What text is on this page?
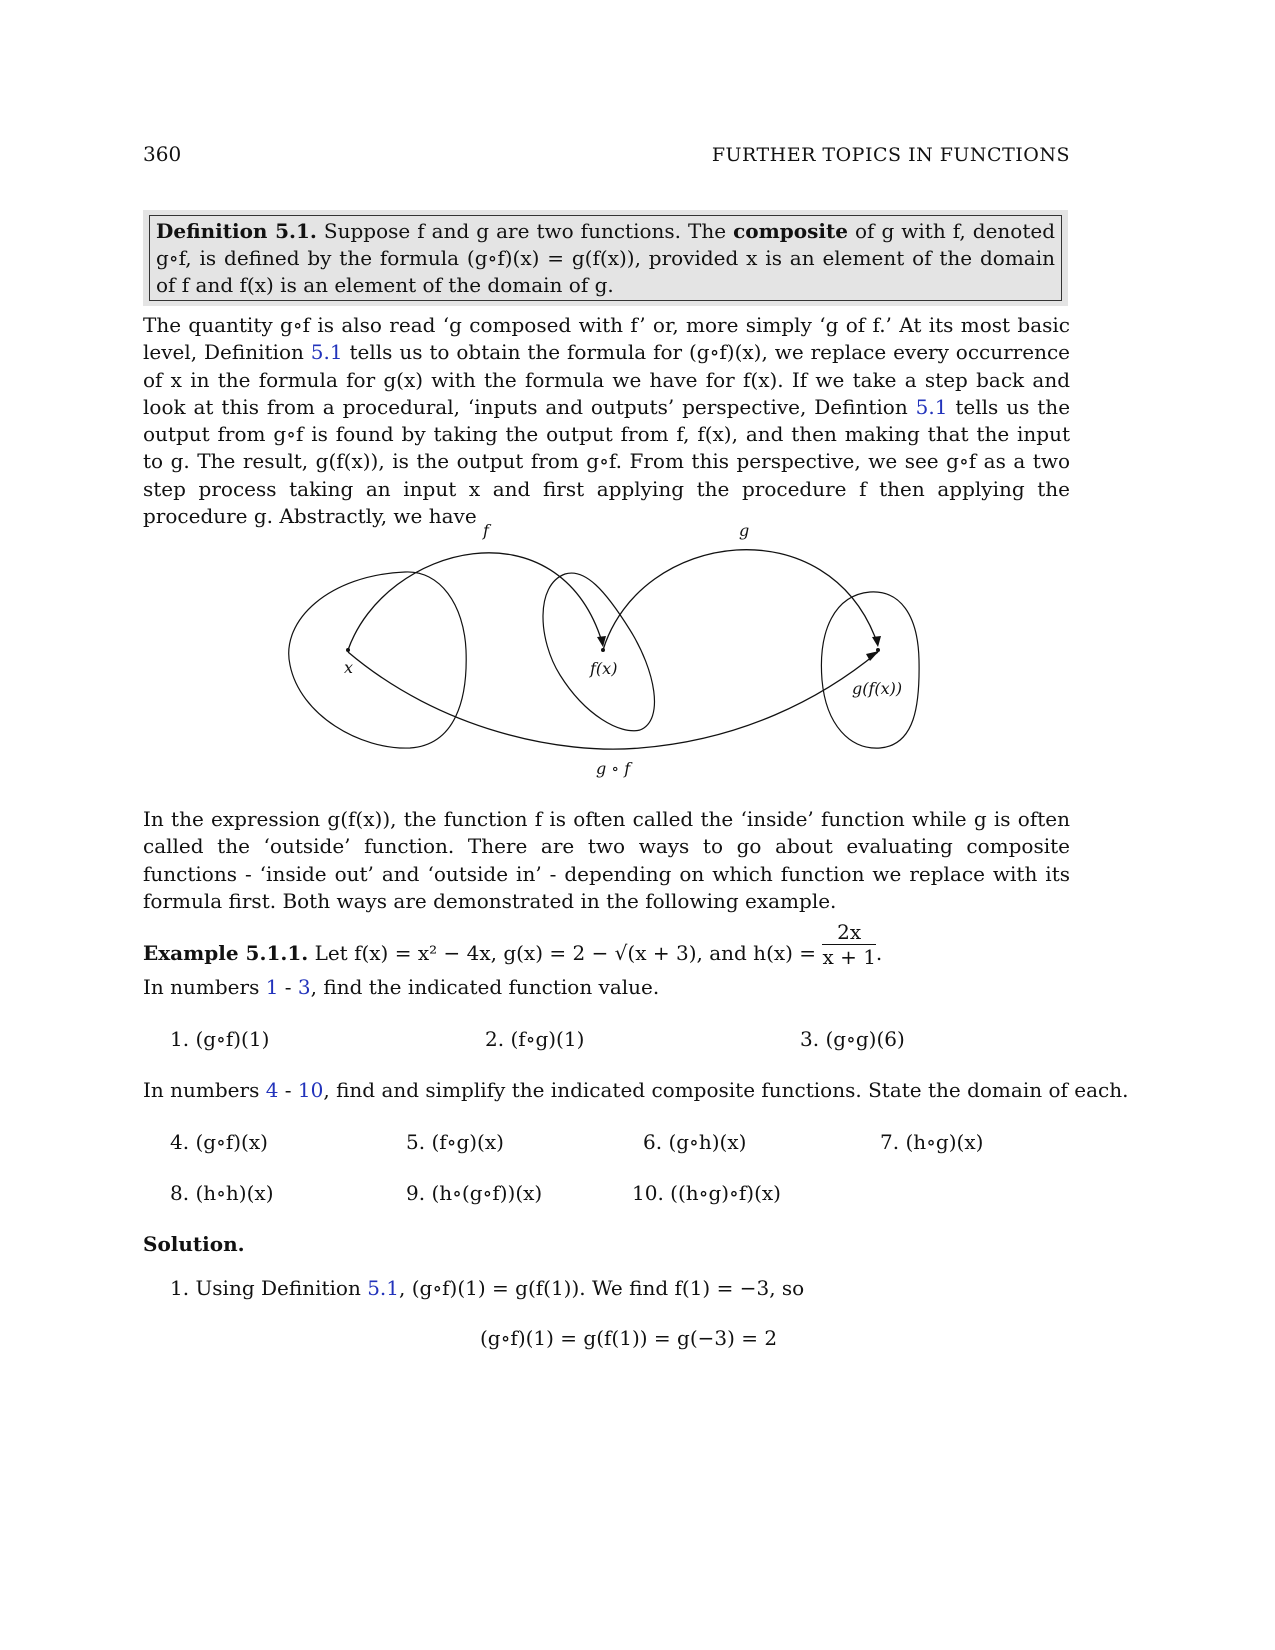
360	FURTHER TOPICS IN FUNCTIONS
Definition 5.1. Suppose f and g are two functions. The composite of g with f, denoted g∘f, is defined by the formula (g∘f)(x) = g(f(x)), provided x is an element of the domain of f and f(x) is an element of the domain of g.
The quantity g∘f is also read ‘g composed with f’ or, more simply ‘g of f.’ At its most basic level, Definition 5.1 tells us to obtain the formula for (g∘f)(x), we replace every occurrence of x in the formula for g(x) with the formula we have for f(x). If we take a step back and look at this from a procedural, ‘inputs and outputs’ perspective, Defintion 5.1 tells us the output from g∘f is found by taking the output from f, f(x), and then making that the input to g. The result, g(f(x)), is the output from g∘f. From this perspective, we see g∘f as a two step process taking an input x and first applying the procedure f then applying the procedure g. Abstractly, we have
f	g
g ∘ f
x	f(x)
g(f(x))
In the expression g(f(x)), the function f is often called the ‘inside’ function while g is often called the ‘outside’ function. There are two ways to go about evaluating composite functions - ‘inside out’ and ‘outside in’ - depending on which function we replace with its formula first. Both ways are demonstrated in the following example.
Example 5.1.1. Let f(x) = x² − 4x, g(x) = 2 − √(x + 3), and $h(x) = \frac{2x}{x + 1}$ .
In numbers 1 - 3, find the indicated function value.
1. (g∘f)(1)	2. (f∘g)(1)	3. (g∘g)(6)
In numbers 4 - 10, find and simplify the indicated composite functions. State the domain of each.
4. (g∘f)(x)	5. (f∘g)(x)	6. (g∘h)(x)	7. (h∘g)(x)
8. (h∘h)(x)	9. (h∘(g∘f))(x)	10. ((h∘g)∘f)(x)
Solution.
1. Using Definition 5.1, (g∘f)(1) = g(f(1)). We find f(1) = −3, so
(g∘f)(1) = g(f(1)) = g(−3) = 2
